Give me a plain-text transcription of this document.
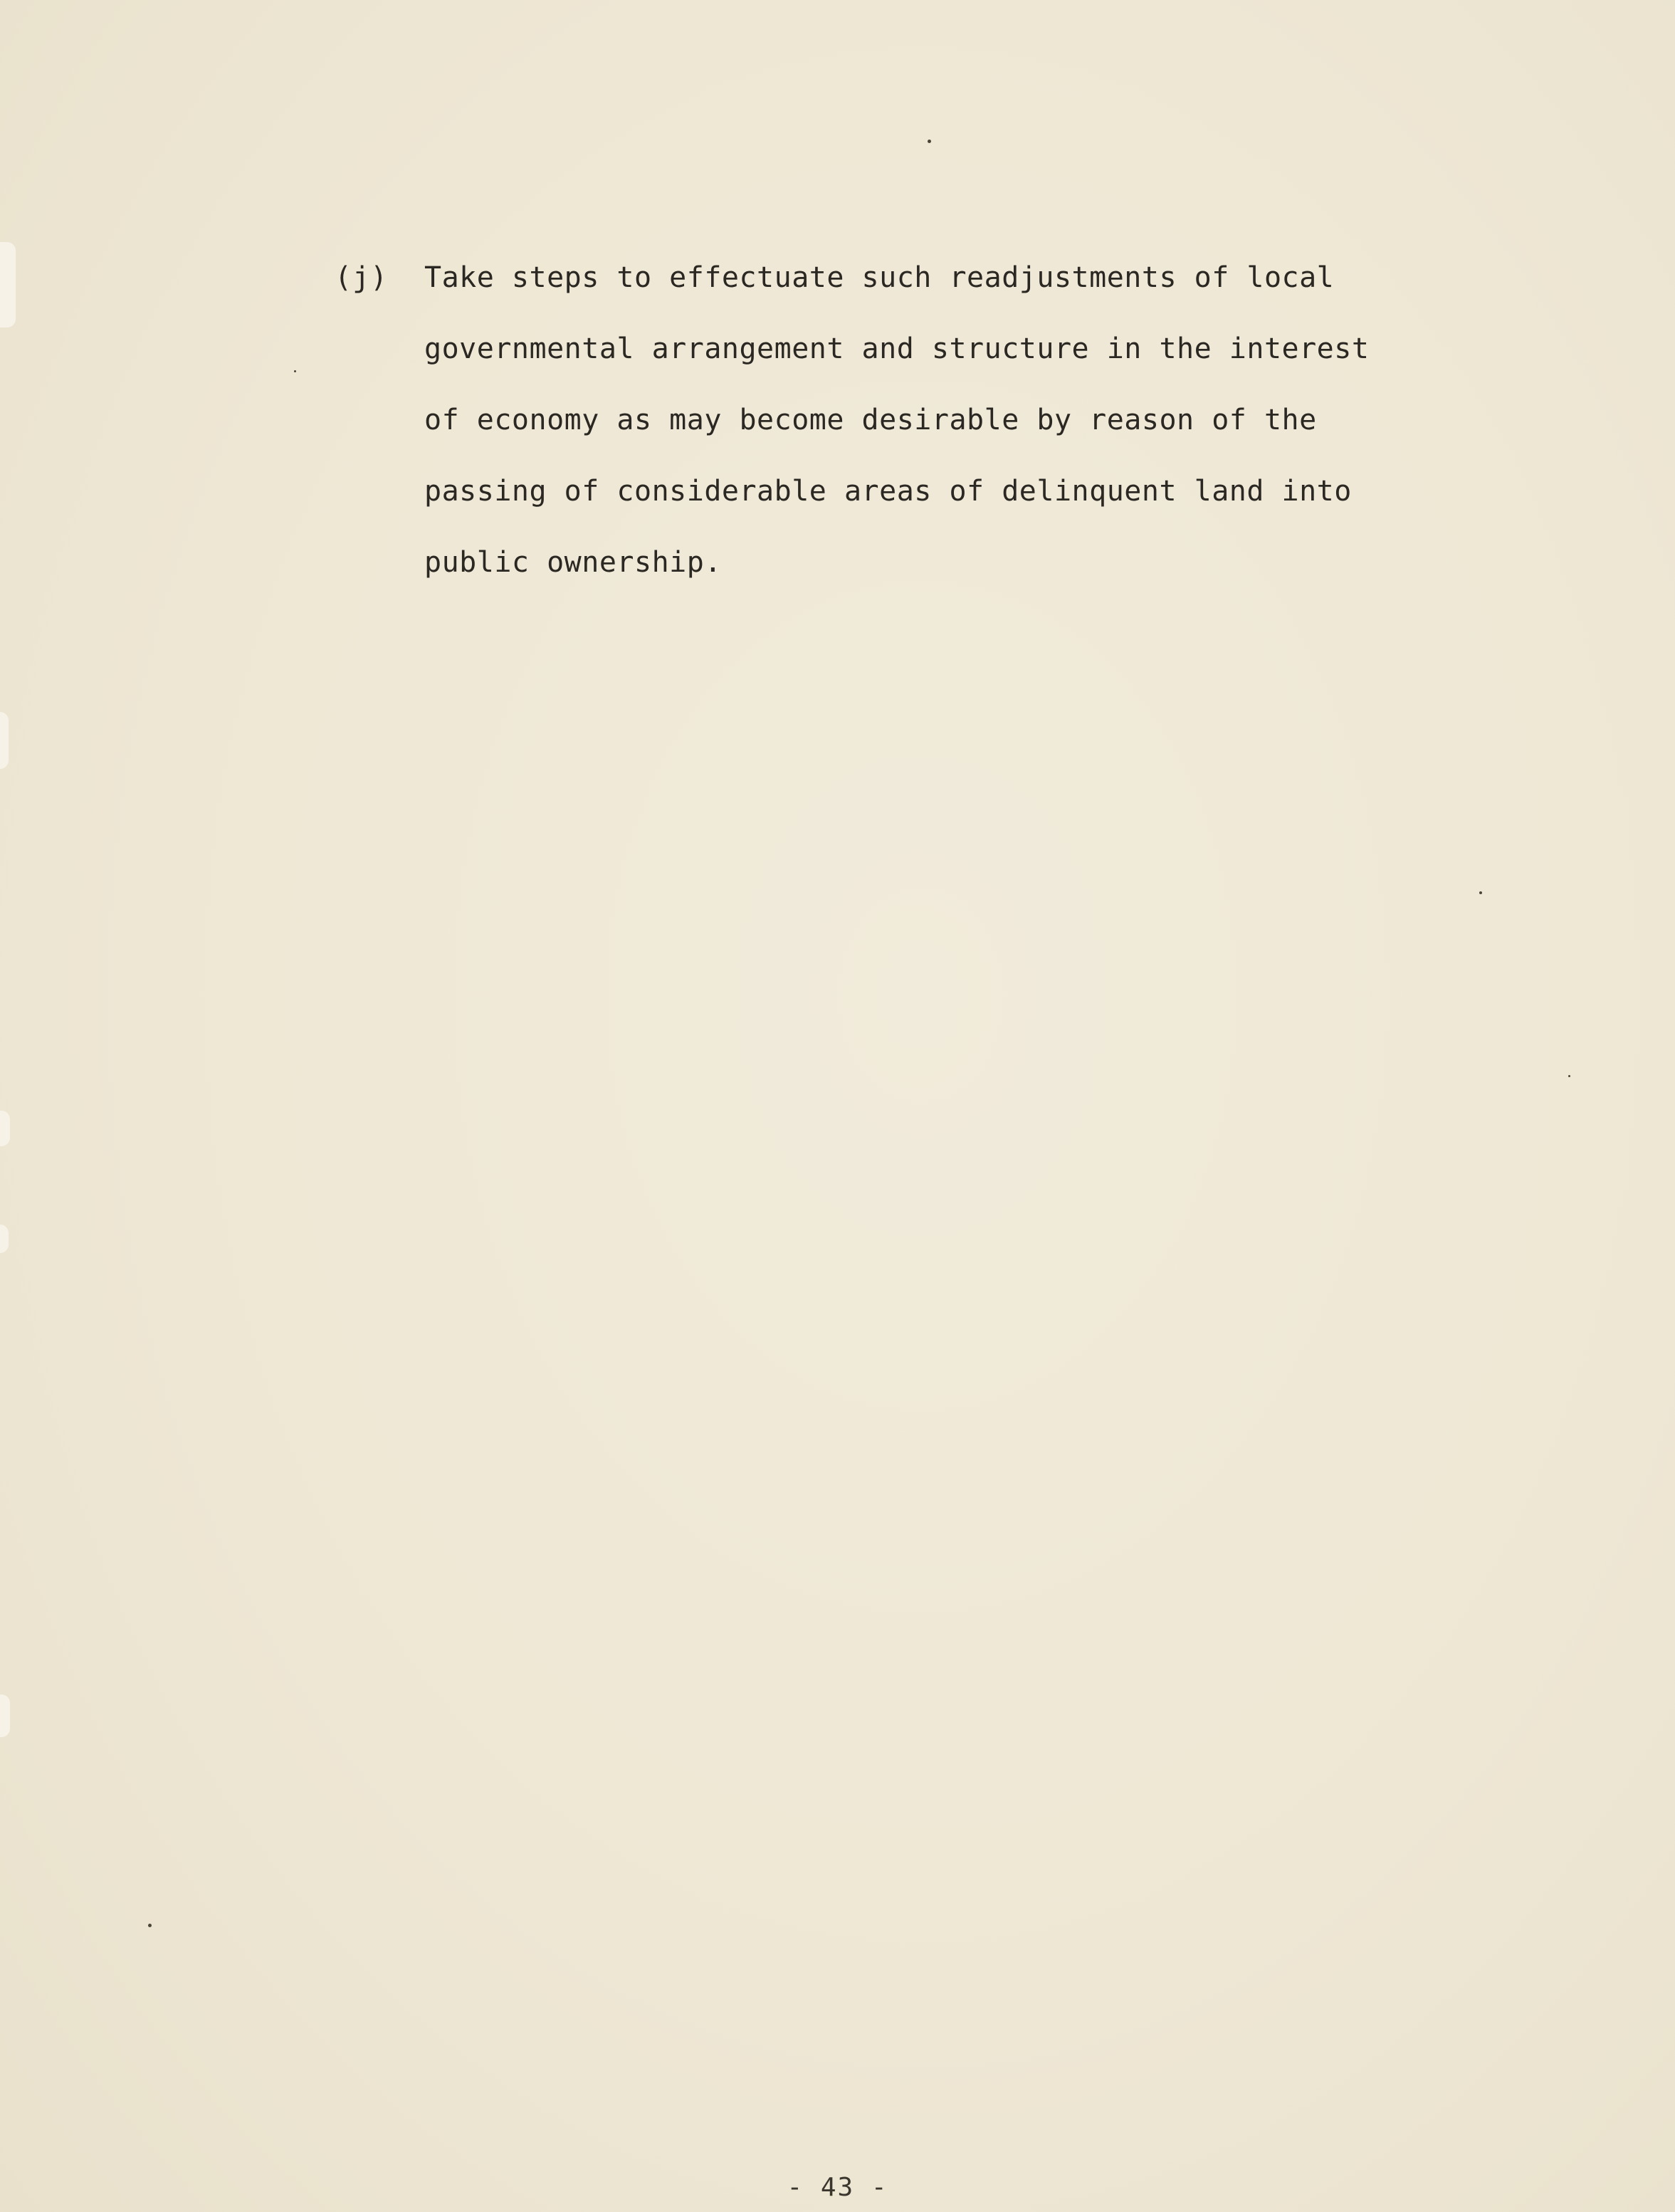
(j) Take steps to effectuate such readjustments of local
governmental arrangement and structure in the interest
of economy as may become desirable by reason of the
passing of considerable areas of delinquent land into
public ownership.
- 43 -
